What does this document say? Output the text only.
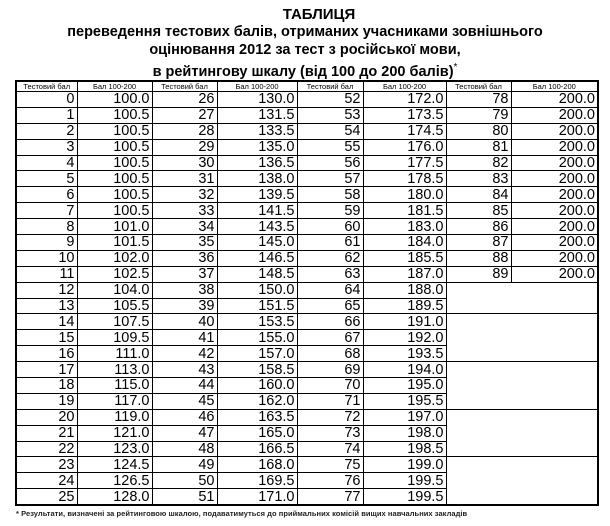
ТАБЛИЦЯ
переведення тестових балів, отриманих учасниками зовнішнього
оцінювання 2012 за тест з російської мови,
в рейтингову шкалу (від 100 до 200 балів)*
Тестовий бал	Бал 100-200	Тестовий бал	Бал 100-200	Тестовий бал	Бал 100-200	Тестовий бал	Бал 100-200
0	100.0	26	130.0	52	172.0	78	200.0
1	100.5	27	131.5	53	173.5	79	200.0
2	100.5	28	133.5	54	174.5	80	200.0
3	100.5	29	135.0	55	176.0	81	200.0
4	100.5	30	136.5	56	177.5	82	200.0
5	100.5	31	138.0	57	178.5	83	200.0
6	100.5	32	139.5	58	180.0	84	200.0
7	100.5	33	141.5	59	181.5	85	200.0
8	101.0	34	143.5	60	183.0	86	200.0
9	101.5	35	145.0	61	184.0	87	200.0
10	102.0	36	146.5	62	185.5	88	200.0
11	102.5	37	148.5	63	187.0	89	200.0
12	104.0	38	150.0	64	188.0		
13	105.5	39	151.5	65	189.5		
14	107.5	40	153.5	66	191.0		
15	109.5	41	155.0	67	192.0		
16	111.0	42	157.0	68	193.5		
17	113.0	43	158.5	69	194.0		
18	115.0	44	160.0	70	195.0		
19	117.0	45	162.0	71	195.5		
20	119.0	46	163.5	72	197.0		
21	121.0	47	165.0	73	198.0		
22	123.0	48	166.5	74	198.5		
23	124.5	49	168.0	75	199.0		
24	126.5	50	169.5	76	199.5		
25	128.0	51	171.0	77	199.5		
* Результати, визначені за рейтинговою шкалою, подаватимуться до приймальних комісій вищих навчальних закладів
